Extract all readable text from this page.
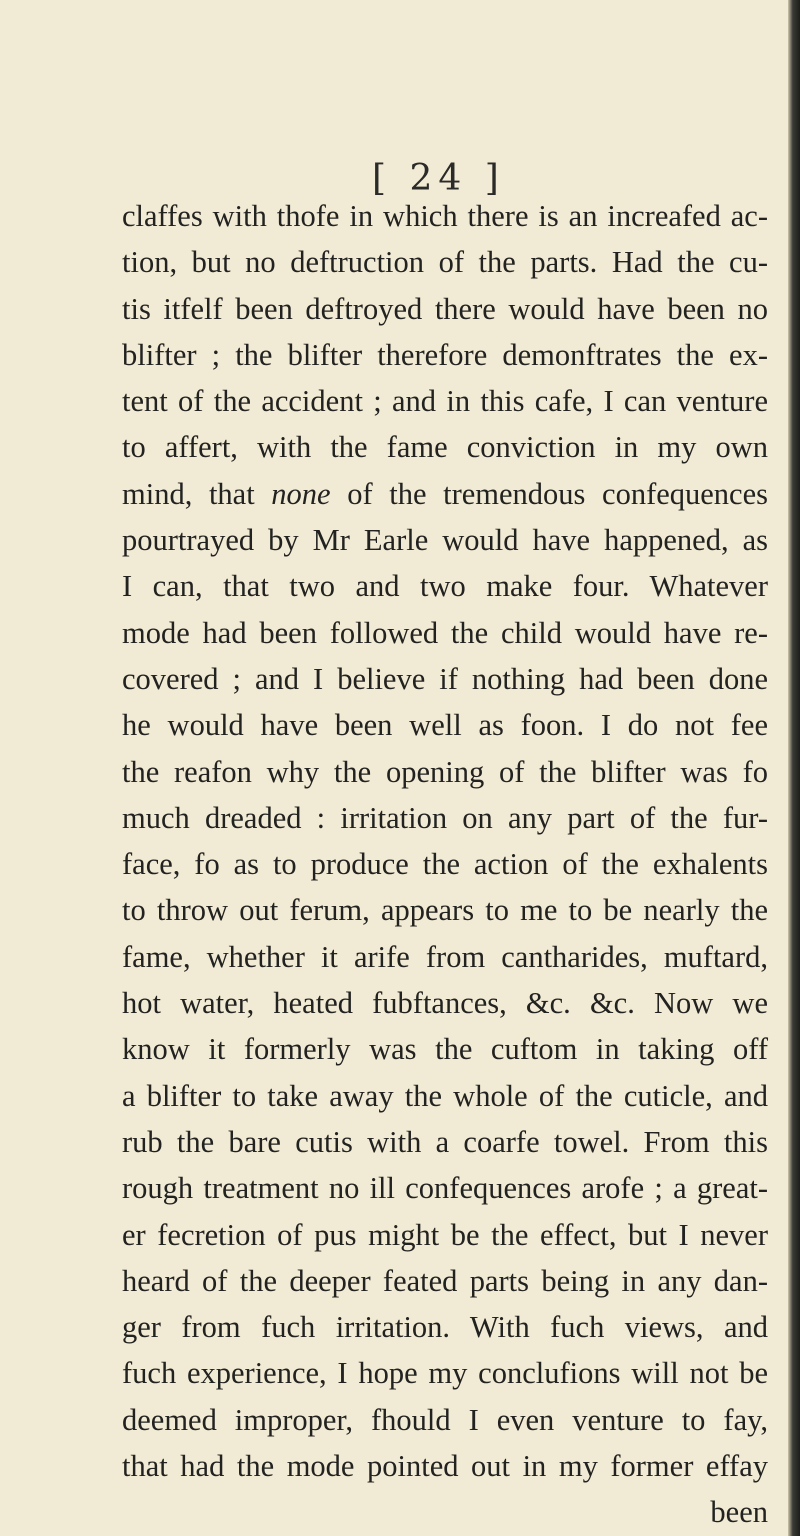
[ 24 ]
claffes with thofe in which there is an increafed ac-
tion, but no deftruction of the parts. Had the cu-
tis itfelf been deftroyed there would have been no
blifter ; the blifter therefore demonftrates the ex-
tent of the accident ; and in this cafe, I can venture
to affert, with the fame conviction in my own
mind, that none of the tremendous confequences
pourtrayed by Mr Earle would have happened, as
I can, that two and two make four. Whatever
mode had been followed the child would have re-
covered ; and I believe if nothing had been done
he would have been well as foon. I do not fee
the reafon why the opening of the blifter was fo
much dreaded : irritation on any part of the fur-
face, fo as to produce the action of the exhalents
to throw out ferum, appears to me to be nearly the
fame, whether it arife from cantharides, muftard,
hot water, heated fubftances, &c. &c. Now we
know it formerly was the cuftom in taking off
a blifter to take away the whole of the cuticle, and
rub the bare cutis with a coarfe towel. From this
rough treatment no ill confequences arofe ; a great-
er fecretion of pus might be the effect, but I never
heard of the deeper feated parts being in any dan-
ger from fuch irritation. With fuch views, and
fuch experience, I hope my conclufions will not be
deemed improper, fhould I even venture to fay,
that had the mode pointed out in my former effay
been
